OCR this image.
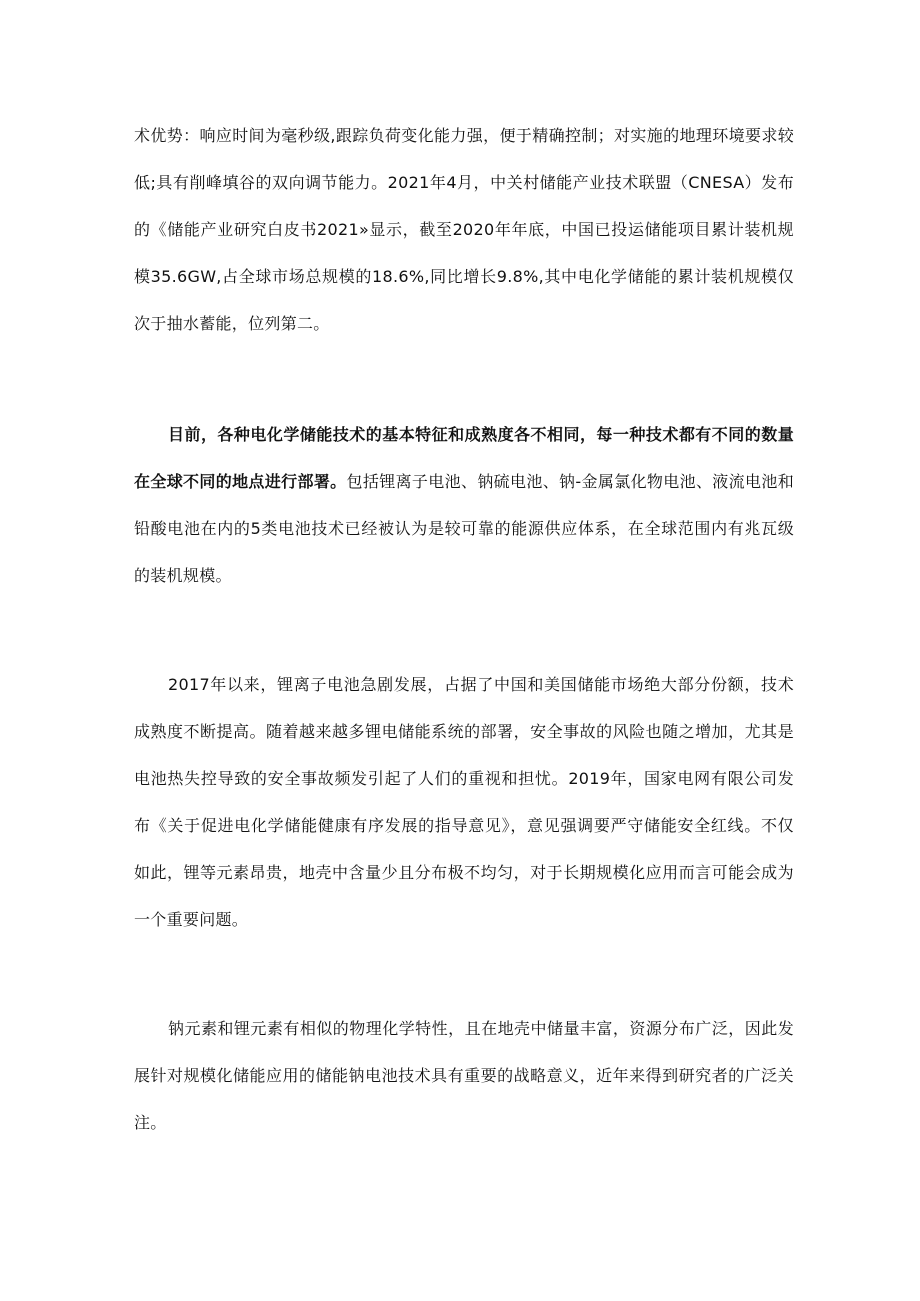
术优势：响应时间为毫秒级,跟踪负荷变化能力强，便于精确控制；对实施的地理环境要求较低;具有削峰填谷的双向调节能力。2021年4月，中关村储能产业技术联盟（CNESA）发布的《储能产业研究白皮书2021»显示，截至2020年年底，中国已投运储能项目累计装机规模35.6GW,占全球市场总规模的18.6%,同比增长9.8%,其中电化学储能的累计装机规模仅次于抽水蓄能，位列第二。

目前，各种电化学储能技术的基本特征和成熟度各不相同，每一种技术都有不同的数量在全球不同的地点进行部署。包括锂离子电池、钠硫电池、钠-金属氯化物电池、液流电池和铅酸电池在内的5类电池技术已经被认为是较可靠的能源供应体系，在全球范围内有兆瓦级的装机规模。

2017年以来，锂离子电池急剧发展，占据了中国和美国储能市场绝大部分份额，技术成熟度不断提高。随着越来越多锂电储能系统的部署，安全事故的风险也随之增加，尤其是电池热失控导致的安全事故频发引起了人们的重视和担忧。2019年，国家电网有限公司发布《关于促进电化学储能健康有序发展的指导意见》，意见强调要严守储能安全红线。不仅如此，锂等元素昂贵，地壳中含量少且分布极不均匀，对于长期规模化应用而言可能会成为一个重要问题。

钠元素和锂元素有相似的物理化学特性，且在地壳中储量丰富，资源分布广泛，因此发展针对规模化储能应用的储能钠电池技术具有重要的战略意义，近年来得到研究者的广泛关注。
